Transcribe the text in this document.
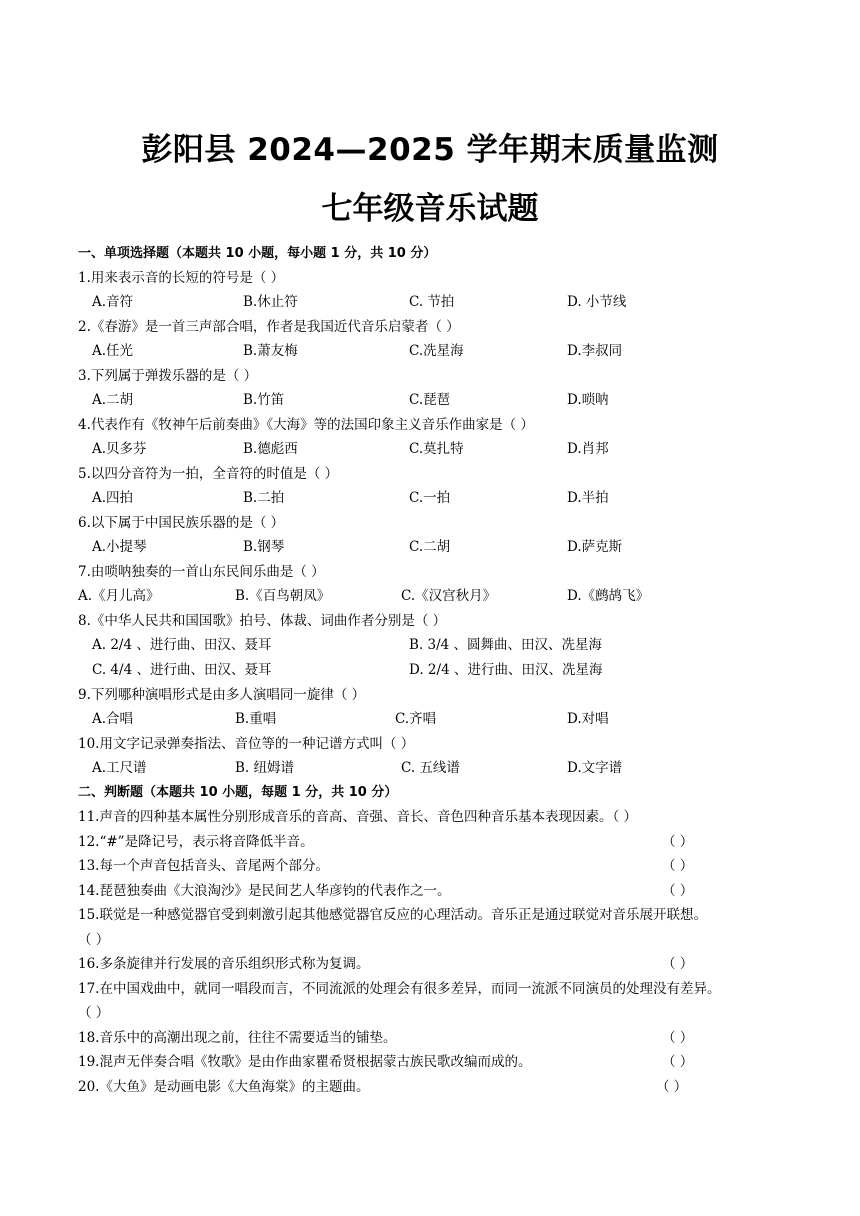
彭阳县 2024—2025 学年期末质量监测
七年级音乐试题
一、单项选择题（本题共 10 小题，每小题 1 分，共 10 分）
1.用来表示音的长短的符号是（ ）
A.音符	B.休止符	C. 节拍	D. 小节线
2.《春游》是一首三声部合唱，作者是我国近代音乐启蒙者（ ）
A.任光	B.萧友梅	C.冼星海	D.李叔同
3.下列属于弹拨乐器的是（ ）
A.二胡	B.竹笛	C.琵琶	D.唢呐
4.代表作有《牧神午后前奏曲》《大海》等的法国印象主义音乐作曲家是（ ）
A.贝多芬	B.德彪西	C.莫扎特	D.肖邦
5.以四分音符为一拍，全音符的时值是（ ）
A.四拍	B.二拍	C.一拍	D.半拍
6.以下属于中国民族乐器的是（ ）
A.小提琴	B.钢琴	C.二胡	D.萨克斯
7.由唢呐独奏的一首山东民间乐曲是（ ）
A.《月儿高》	B.《百鸟朝凤》	C.《汉宫秋月》	D.《鹧鸪飞》
8.《中华人民共和国国歌》拍号、体裁、词曲作者分别是（ ）
A. 2/4 、进行曲、田汉、聂耳	B. 3/4 、圆舞曲、田汉、冼星海
C. 4/4 、进行曲、田汉、聂耳	D. 2/4 、进行曲、田汉、冼星海
9.下列哪种演唱形式是由多人演唱同一旋律（ ）
A.合唱	B.重唱	C.齐唱	D.对唱
10.用文字记录弹奏指法、音位等的一种记谱方式叫（ ）
A.工尺谱	B. 纽姆谱	C. 五线谱	D.文字谱
二、判断题（本题共 10 小题，每题 1 分，共 10 分）
11.声音的四种基本属性分别形成音乐的音高、音强、音长、音色四种音乐基本表现因素。（ ）
12.“#”是降记号，表示将音降低半音。	（ ）
13.每一个声音包括音头、音尾两个部分。	（ ）
14.琵琶独奏曲《大浪淘沙》是民间艺人华彦钧的代表作之一。	（ ）
15.联觉是一种感觉器官受到刺激引起其他感觉器官反应的心理活动。音乐正是通过联觉对音乐展开联想。
（ ）
16.多条旋律并行发展的音乐组织形式称为复调。	（ ）
17.在中国戏曲中，就同一唱段而言，不同流派的处理会有很多差异，而同一流派不同演员的处理没有差异。
（ ）
18.音乐中的高潮出现之前，往往不需要适当的铺垫。	（ ）
19.混声无伴奏合唱《牧歌》是由作曲家瞿希贤根据蒙古族民歌改编而成的。	（ ）
20.《大鱼》是动画电影《大鱼海棠》的主题曲。	（ ）
